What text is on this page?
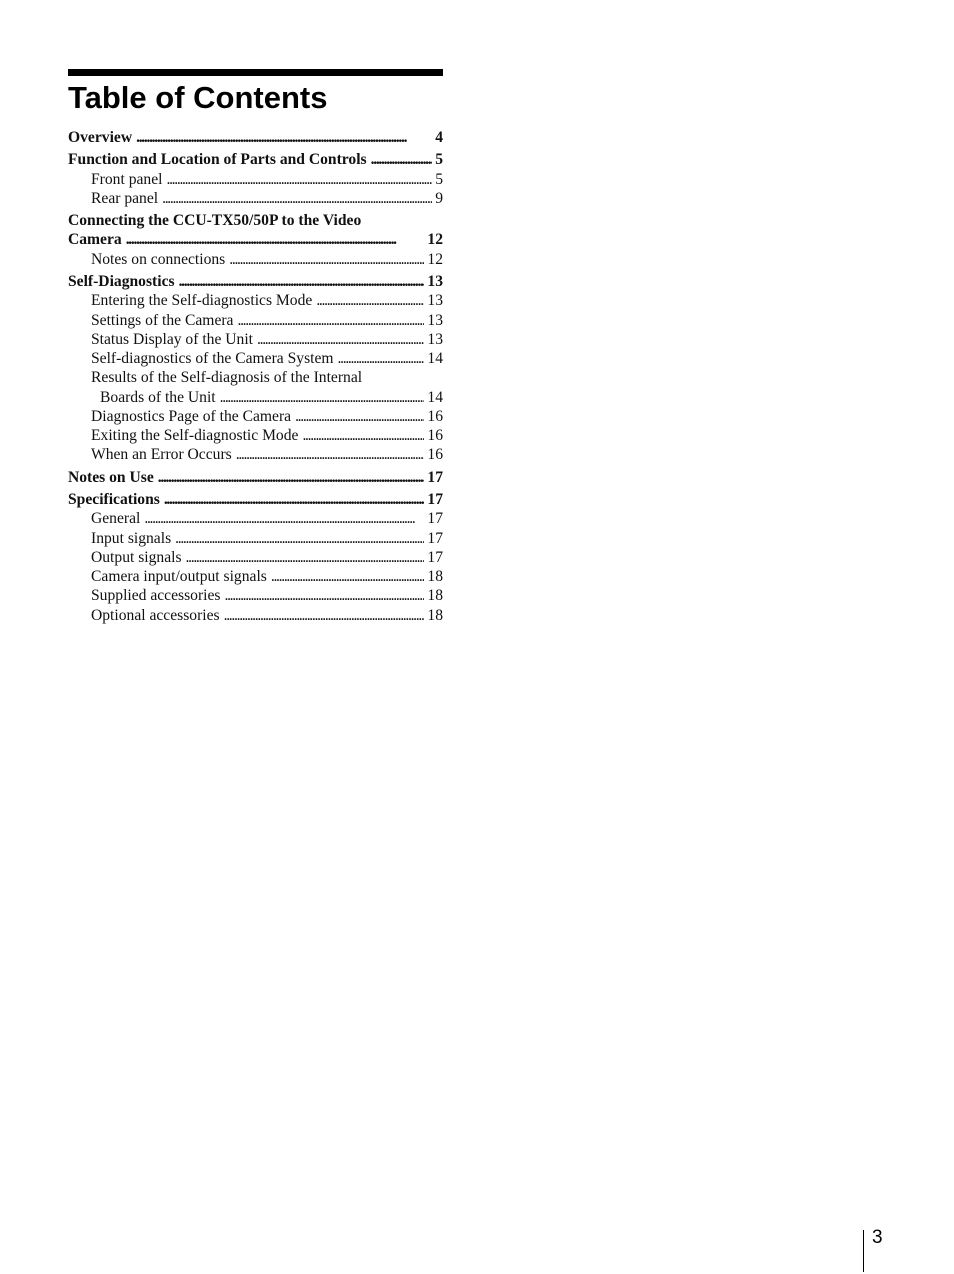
Table of Contents
Overview . . .	4
Function and Location of Parts and Controls . . .	5
Front panel . . .	5
Rear panel . . .	9
Connecting the CCU-TX50/50P to the Video
Camera . . .	12
Notes on connections . . .	12
Self-Diagnostics . . .	13
Entering the Self-diagnostics Mode . . .	13
Settings of the Camera . . .	13
Status Display of the Unit . . .	13
Self-diagnostics of the Camera System . . .	14
Results of the Self-diagnosis of the Internal
Boards of the Unit . . .	14
Diagnostics Page of the Camera . . .	16
Exiting the Self-diagnostic Mode . . .	16
When an Error Occurs . . .	16
Notes on Use . . .	17
Specifications . . .	17
General . . .	17
Input signals . . .	17
Output signals . . .	17
Camera input/output signals . . .	18
Supplied accessories . . .	18
Optional accessories . . .	18
3
